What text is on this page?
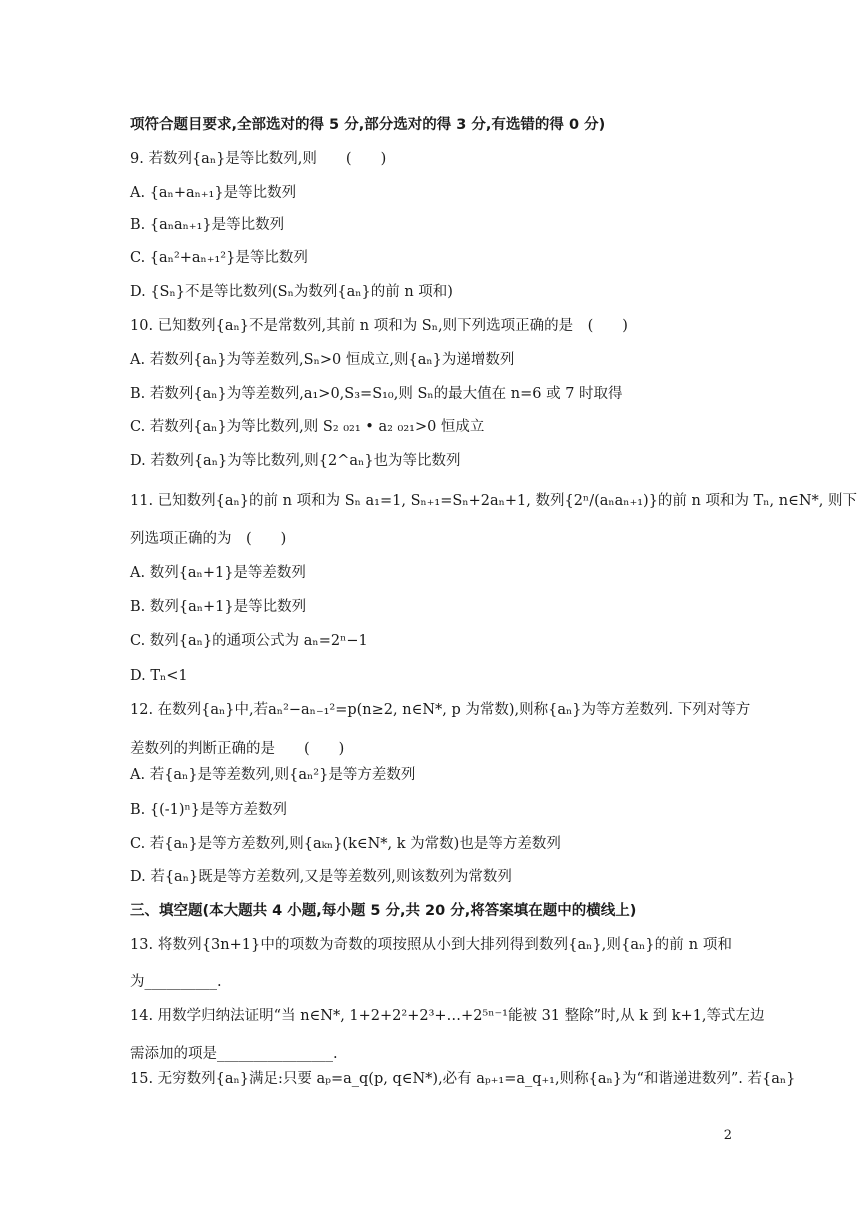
项符合题目要求,全部选对的得 5 分,部分选对的得 3 分,有选错的得 0 分)
9. 若数列{aₙ}是等比数列,则　　(　　)
A. {aₙ+aₙ₊₁}是等比数列
B. {aₙaₙ₊₁}是等比数列
C. {aₙ²+aₙ₊₁²}是等比数列
D. {Sₙ}不是等比数列(Sₙ为数列{aₙ}的前 n 项和)
10. 已知数列{aₙ}不是常数列,其前 n 项和为 Sₙ,则下列选项正确的是　(　　)
A. 若数列{aₙ}为等差数列,Sₙ>0 恒成立,则{aₙ}为递增数列
B. 若数列{aₙ}为等差数列,a₁>0,S₃=S₁₀,则 Sₙ的最大值在 n=6 或 7 时取得
C. 若数列{aₙ}为等比数列,则 S₂ ₀₂₁ • a₂ ₀₂₁>0 恒成立
D. 若数列{aₙ}为等比数列,则{2^aₙ}也为等比数列
11. 已知数列{aₙ}的前 n 项和为 Sₙ a₁=1, Sₙ₊₁=Sₙ+2aₙ+1, 数列{2ⁿ/(aₙaₙ₊₁)}的前 n 项和为 Tₙ, n∈N*, 则下
列选项正确的为　(　　)
A. 数列{aₙ+1}是等差数列
B. 数列{aₙ+1}是等比数列
C. 数列{aₙ}的通项公式为 aₙ=2ⁿ−1
D. Tₙ<1
12. 在数列{aₙ}中,若aₙ²−aₙ₋₁²=p(n≥2, n∈N*, p 为常数),则称{aₙ}为等方差数列. 下列对等方
差数列的判断正确的是　　(　　)
A. 若{aₙ}是等差数列,则{aₙ²}是等方差数列
B. {(-1)ⁿ}是等方差数列
C. 若{aₙ}是等方差数列,则{aₖₙ}(k∈N*, k 为常数)也是等方差数列
D. 若{aₙ}既是等方差数列,又是等差数列,则该数列为常数列
三、填空题(本大题共 4 小题,每小题 5 分,共 20 分,将答案填在题中的横线上)
13. 将数列{3n+1}中的项数为奇数的项按照从小到大排列得到数列{aₙ},则{aₙ}的前 n 项和
为__________.
14. 用数学归纳法证明“当 n∈N*, 1+2+2²+2³+…+2⁵ⁿ⁻¹能被 31 整除”时,从 k 到 k+1,等式左边
需添加的项是________________.
15. 无穷数列{aₙ}满足:只要 aₚ=a_q(p, q∈N*),必有 aₚ₊₁=a_q₊₁,则称{aₙ}为“和谐递进数列”. 若{aₙ}
2
